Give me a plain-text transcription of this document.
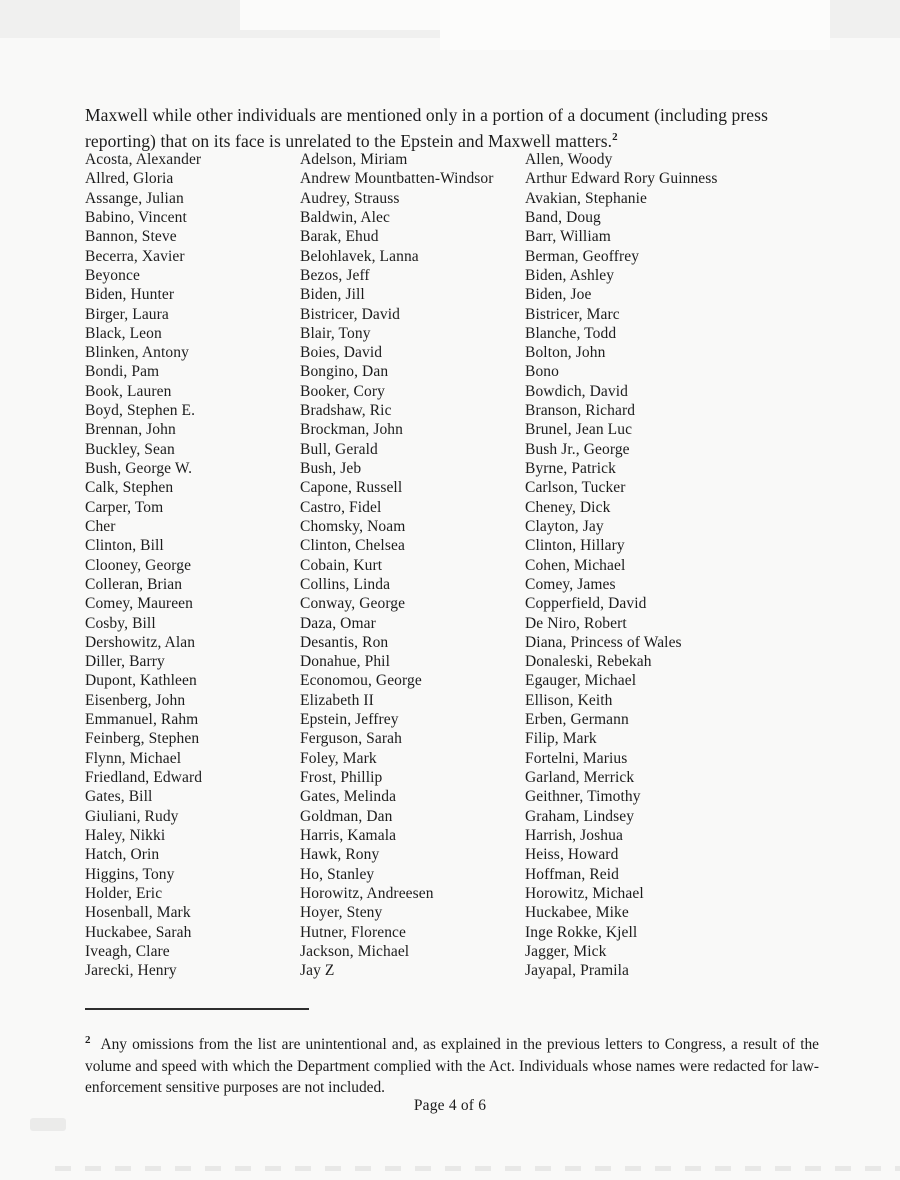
Maxwell while other individuals are mentioned only in a portion of a document (including press reporting) that on its face is unrelated to the Epstein and Maxwell matters.$^2$

Acosta, Alexander
Allred, Gloria
Assange, Julian
Babino, Vincent
Bannon, Steve
Becerra, Xavier
Beyonce
Biden, Hunter
Birger, Laura
Black, Leon
Blinken, Antony
Bondi, Pam
Book, Lauren
Boyd, Stephen E.
Brennan, John
Buckley, Sean
Bush, George W.
Calk, Stephen
Carper, Tom
Cher
Clinton, Bill
Clooney, George
Colleran, Brian
Comey, Maureen
Cosby, Bill
Dershowitz, Alan
Diller, Barry
Dupont, Kathleen
Eisenberg, John
Emmanuel, Rahm
Feinberg, Stephen
Flynn, Michael
Friedland, Edward
Gates, Bill
Giuliani, Rudy
Haley, Nikki
Hatch, Orin
Higgins, Tony
Holder, Eric
Hosenball, Mark
Huckabee, Sarah
Iveagh, Clare
Jarecki, Henry
Adelson, Miriam
Andrew Mountbatten-Windsor
Audrey, Strauss
Baldwin, Alec
Barak, Ehud
Belohlavek, Lanna
Bezos, Jeff
Biden, Jill
Bistricer, David
Blair, Tony
Boies, David
Bongino, Dan
Booker, Cory
Bradshaw, Ric
Brockman, John
Bull, Gerald
Bush, Jeb
Capone, Russell
Castro, Fidel
Chomsky, Noam
Clinton, Chelsea
Cobain, Kurt
Collins, Linda
Conway, George
Daza, Omar
Desantis, Ron
Donahue, Phil
Economou, George
Elizabeth II
Epstein, Jeffrey
Ferguson, Sarah
Foley, Mark
Frost, Phillip
Gates, Melinda
Goldman, Dan
Harris, Kamala
Hawk, Rony
Ho, Stanley
Horowitz, Andreesen
Hoyer, Steny
Hutner, Florence
Jackson, Michael
Jay Z
Allen, Woody
Arthur Edward Rory Guinness
Avakian, Stephanie
Band, Doug
Barr, William
Berman, Geoffrey
Biden, Ashley
Biden, Joe
Bistricer, Marc
Blanche, Todd
Bolton, John
Bono
Bowdich, David
Branson, Richard
Brunel, Jean Luc
Bush Jr., George
Byrne, Patrick
Carlson, Tucker
Cheney, Dick
Clayton, Jay
Clinton, Hillary
Cohen, Michael
Comey, James
Copperfield, David
De Niro, Robert
Diana, Princess of Wales
Donaleski, Rebekah
Egauger, Michael
Ellison, Keith
Erben, Germann
Filip, Mark
Fortelni, Marius
Garland, Merrick
Geithner, Timothy
Graham, Lindsey
Harrish, Joshua
Heiss, Howard
Hoffman, Reid
Horowitz, Michael
Huckabee, Mike
Inge Rokke, Kjell
Jagger, Mick
Jayapal, Pramila

$^2$ Any omissions from the list are unintentional and, as explained in the previous letters to Congress, a result of the volume and speed with which the Department complied with the Act. Individuals whose names were redacted for law-enforcement sensitive purposes are not included.

Page 4 of 6
